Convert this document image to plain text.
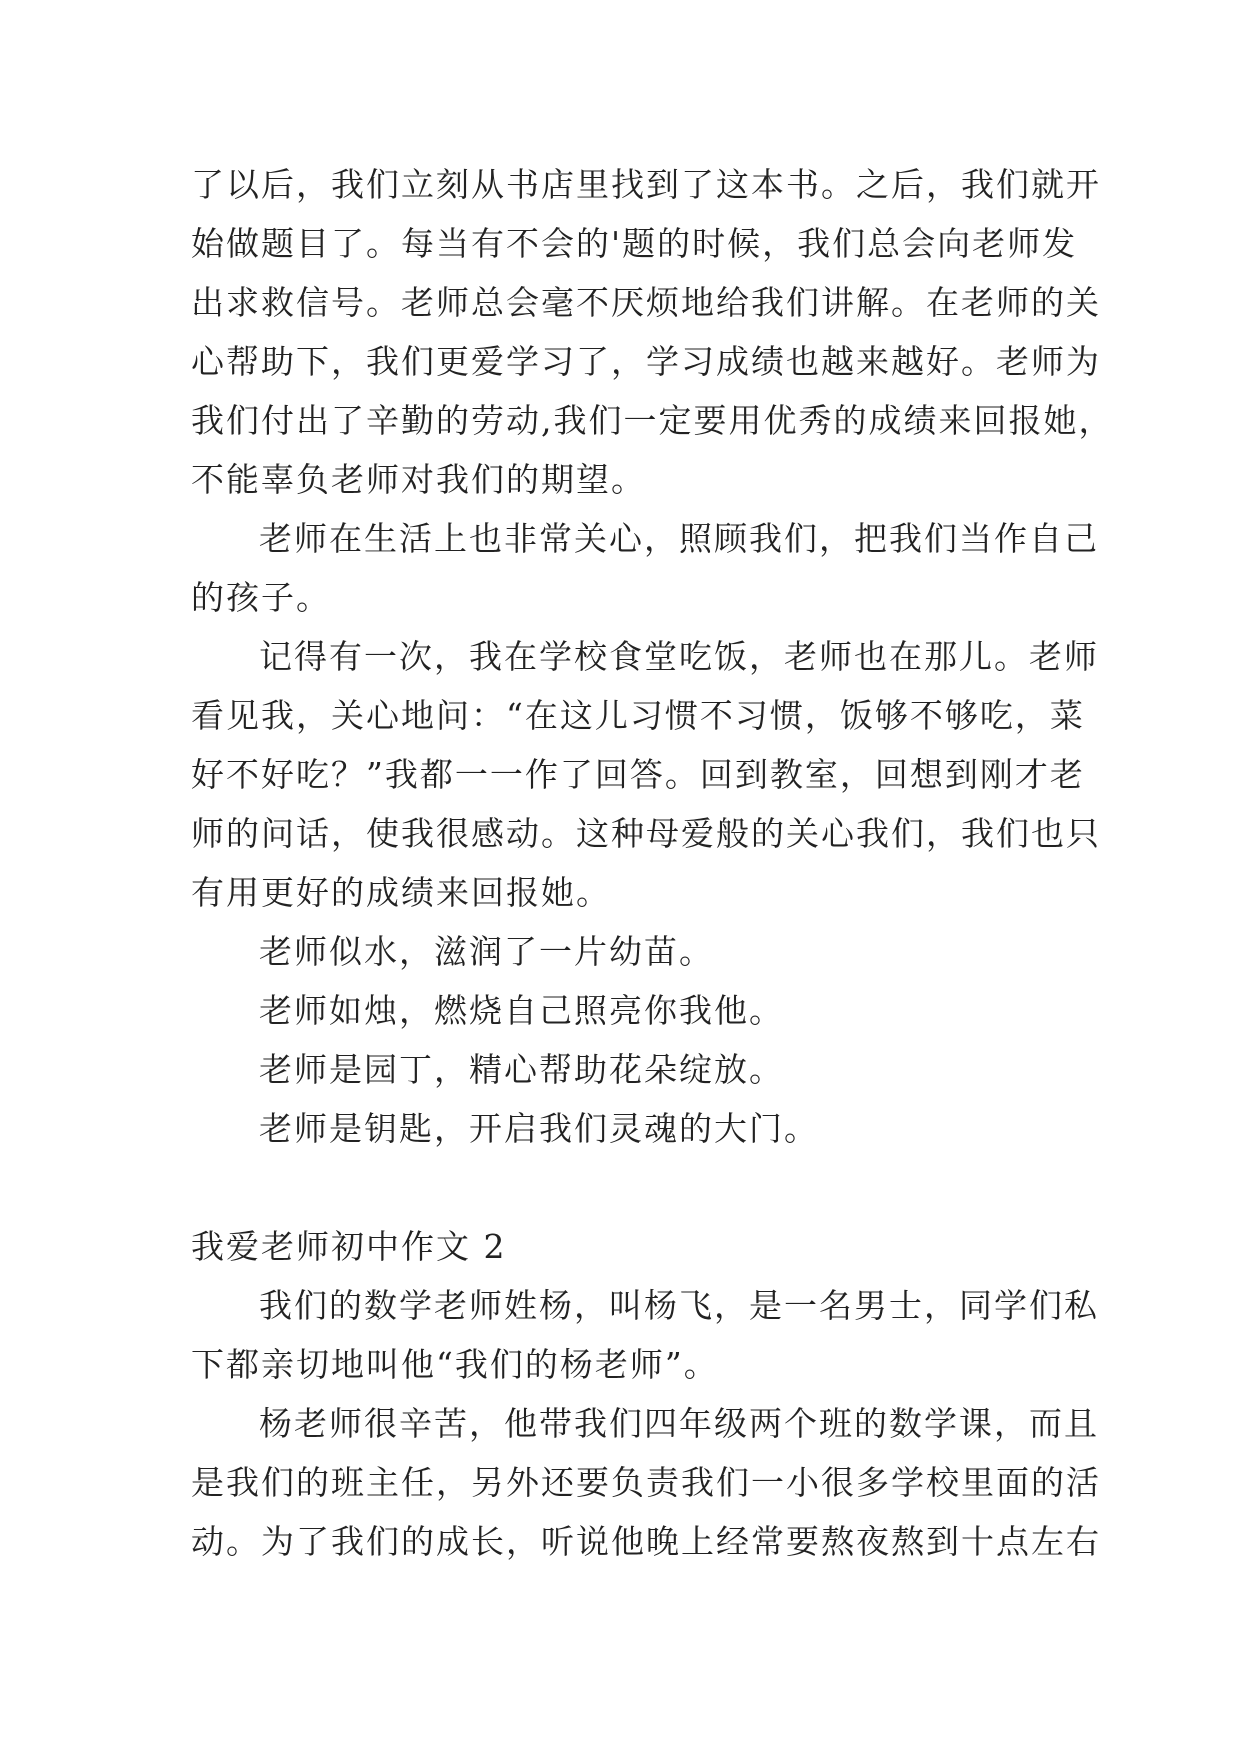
了以后，我们立刻从书店里找到了这本书。之后，我们就开
始做题目了。每当有不会的'题的时候，我们总会向老师发
出求救信号。老师总会毫不厌烦地给我们讲解。在老师的关
心帮助下，我们更爱学习了，学习成绩也越来越好。老师为
我们付出了辛勤的劳动,我们一定要用优秀的成绩来回报她，
不能辜负老师对我们的期望。
老师在生活上也非常关心，照顾我们，把我们当作自己
的孩子。
记得有一次，我在学校食堂吃饭，老师也在那儿。老师
看见我，关心地问：“在这儿习惯不习惯，饭够不够吃，菜
好不好吃？”我都一一作了回答。回到教室，回想到刚才老
师的问话，使我很感动。这种母爱般的关心我们，我们也只
有用更好的成绩来回报她。
老师似水，滋润了一片幼苗。
老师如烛，燃烧自己照亮你我他。
老师是园丁，精心帮助花朵绽放。
老师是钥匙，开启我们灵魂的大门。
我爱老师初中作文 2
我们的数学老师姓杨，叫杨飞，是一名男士，同学们私
下都亲切地叫他“我们的杨老师”。
杨老师很辛苦，他带我们四年级两个班的数学课，而且
是我们的班主任，另外还要负责我们一小很多学校里面的活
动。为了我们的成长，听说他晚上经常要熬夜熬到十点左右
